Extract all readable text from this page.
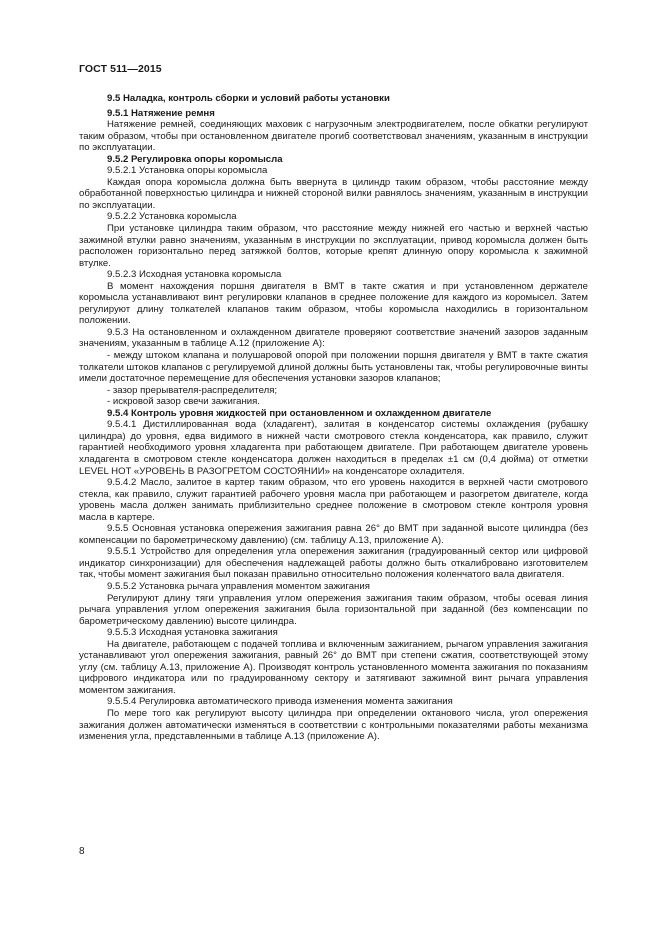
ГОСТ 511—2015

9.5 Наладка, контроль сборки и условий работы установки

9.5.1 Натяжение ремня

Натяжение ремней, соединяющих маховик с нагрузочным электродвигателем, после обкатки регулируют таким образом, чтобы при остановленном двигателе прогиб соответствовал значениям, указанным в инструкции по эксплуатации.

9.5.2 Регулировка опоры коромысла

9.5.2.1 Установка опоры коромысла

Каждая опора коромысла должна быть ввернута в цилиндр таким образом, чтобы расстояние между обработанной поверхностью цилиндра и нижней стороной вилки равнялось значениям, указанным в инструкции по эксплуатации.

9.5.2.2 Установка коромысла

При установке цилиндра таким образом, что расстояние между нижней его частью и верхней частью зажимной втулки равно значениям, указанным в инструкции по эксплуатации, привод коромысла должен быть расположен горизонтально перед затяжкой болтов, которые крепят длинную опору коромысла к зажимной втулке.

9.5.2.3 Исходная установка коромысла

В момент нахождения поршня двигателя в ВМТ в такте сжатия и при установленном держателе коромысла устанавливают винт регулировки клапанов в среднее положение для каждого из коромысел. Затем регулируют длину толкателей клапанов таким образом, чтобы коромысла находились в горизонтальном положении.

9.5.3 На остановленном и охлажденном двигателе проверяют соответствие значений зазоров заданным значениям, указанным в таблице А.12 (приложение А):

- между штоком клапана и полушаровой опорой при положении поршня двигателя у ВМТ в такте сжатия толкатели штоков клапанов с регулируемой длиной должны быть установлены так, чтобы регулировочные винты имели достаточное перемещение для обеспечения установки зазоров клапанов;

- зазор прерывателя-распределителя;

- искровой зазор свечи зажигания.

9.5.4 Контроль уровня жидкостей при остановленном и охлажденном двигателе

9.5.4.1 Дистиллированная вода (хладагент), залитая в конденсатор системы охлаждения (рубашку цилиндра) до уровня, едва видимого в нижней части смотрового стекла конденсатора, как правило, служит гарантией необходимого уровня хладагента при работающем двигателе. При работающем двигателе уровень хладагента в смотровом стекле конденсатора должен находиться в пределах ±1 см (0,4 дюйма) от отметки LEVEL HOT «УРОВЕНЬ В РАЗОГРЕТОМ СОСТОЯНИИ» на конденсаторе охладителя.

9.5.4.2 Масло, залитое в картер таким образом, что его уровень находится в верхней части смотрового стекла, как правило, служит гарантией рабочего уровня масла при работающем и разогретом двигателе, когда уровень масла должен занимать приблизительно среднее положение в смотровом стекле контроля уровня масла в картере.

9.5.5 Основная установка опережения зажигания равна 26° до ВМТ при заданной высоте цилиндра (без компенсации по барометрическому давлению) (см. таблицу А.13, приложение А).

9.5.5.1 Устройство для определения угла опережения зажигания (градуированный сектор или цифровой индикатор синхронизации) для обеспечения надлежащей работы должно быть откалибровано изготовителем так, чтобы момент зажигания был показан правильно относительно положения коленчатого вала двигателя.

9.5.5.2 Установка рычага управления моментом зажигания

Регулируют длину тяги управления углом опережения зажигания таким образом, чтобы осевая линия рычага управления углом опережения зажигания была горизонтальной при заданной (без компенсации по барометрическому давлению) высоте цилиндра.

9.5.5.3 Исходная установка зажигания

На двигателе, работающем с подачей топлива и включенным зажиганием, рычагом управления зажигания устанавливают угол опережения зажигания, равный 26° до ВМТ при степени сжатия, соответствующей этому углу (см. таблицу А.13, приложение А). Производят контроль установленного момента зажигания по показаниям цифрового индикатора или по градуированному сектору и затягивают зажимной винт рычага управления моментом зажигания.

9.5.5.4 Регулировка автоматического привода изменения момента зажигания

По мере того как регулируют высоту цилиндра при определении октанового числа, угол опережения зажигания должен автоматически изменяться в соответствии с контрольными показателями работы механизма изменения угла, представленными в таблице А.13 (приложение А).

8
